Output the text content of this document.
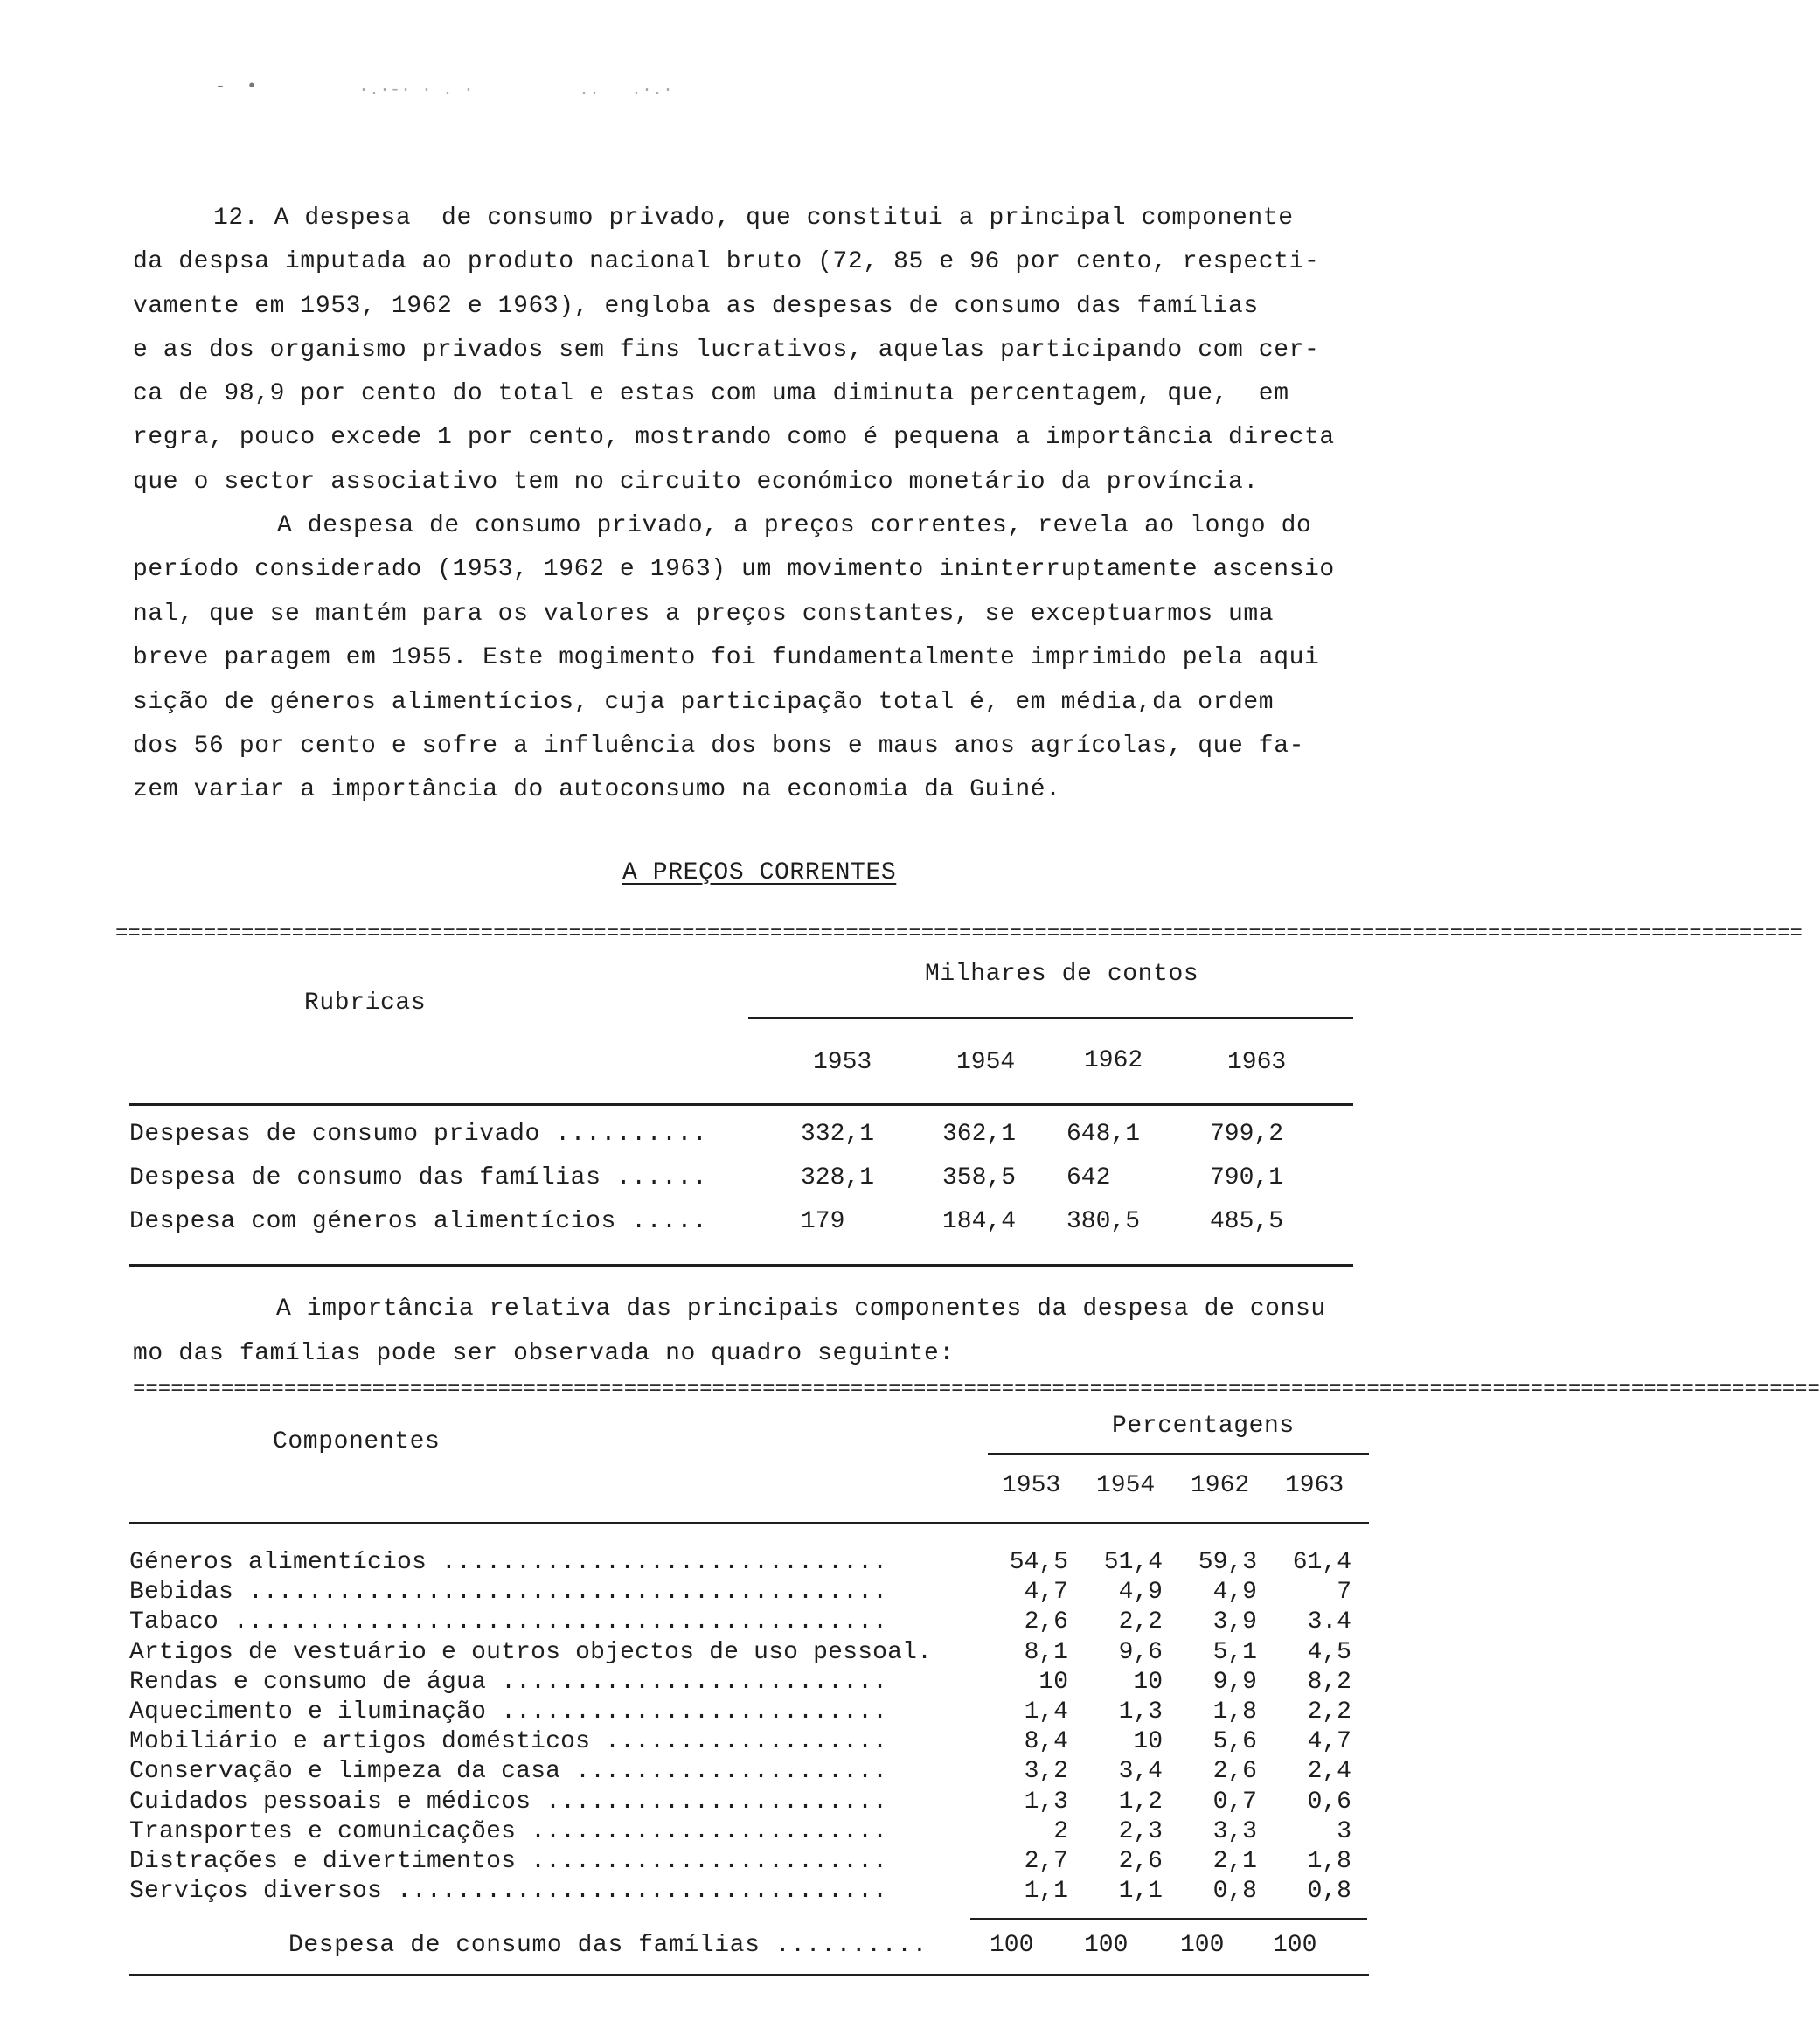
-  •	·.·-· · . ·          ..   .·.·
12. A despesa  de consumo privado, que constitui a principal componente
da despsa imputada ao produto nacional bruto (72, 85 e 96 por cento, respecti-
vamente em 1953, 1962 e 1963), engloba as despesas de consumo das famílias
e as dos organismo privados sem fins lucrativos, aquelas participando com cer-
ca de 98,9 por cento do total e estas com uma diminuta percentagem, que,  em
regra, pouco excede 1 por cento, mostrando como é pequena a importância directa
que o sector associativo tem no circuito económico monetário da província.
A despesa de consumo privado, a preços correntes, revela ao longo do
período considerado (1953, 1962 e 1963) um movimento ininterruptamente ascensio
nal, que se mantém para os valores a preços constantes, se exceptuarmos uma
breve paragem em 1955. Este mogimento foi fundamentalmente imprimido pela aqui
sição de géneros alimentícios, cuja participação total é, em média,da ordem
dos 56 por cento e sofre a influência dos bons e maus anos agrícolas, que fa-
zem variar a importância do autoconsumo na economia da Guiné.
A PREÇOS CORRENTES
======================================================================================================================================
Rubricas
Milhares de contos
1953	1954	1962	1963
Despesas de consumo privado ..........	332,1	362,1 648,1	799,2
Despesa de consumo das famílias ......	328,1	358,5 642	790,1
Despesa com géneros alimentícios .....	179	184,4 380,5	485,5
A importância relativa das principais componentes da despesa de consu
mo das famílias pode ser observada no quadro seguinte:
======================================================================================================================================
Componentes
Percentagens
1953 1954 1962 1963
Géneros alimentícios ..............................	54,5	51,4	59,3	61,4
Bebidas ...........................................	4,7	4,9	4,9	7
Tabaco ............................................	2,6	2,2	3,9	3.4
Artigos de vestuário e outros objectos de uso pessoal.	8,1	9,6	5,1	4,5
Rendas e consumo de água ..........................	10	10	9,9	8,2
Aquecimento e iluminação ..........................	1,4	1,3	1,8	2,2
Mobiliário e artigos domésticos ...................	8,4	10	5,6	4,7
Conservação e limpeza da casa .....................	3,2	3,4	2,6	2,4
Cuidados pessoais e médicos .......................	1,3	1,2	0,7	0,6
Transportes e comunicações ........................	2	2,3	3,3	3
Distrações e divertimentos ........................	2,7	2,6	2,1	1,8
Serviços diversos .................................	1,1	1,1	0,8	0,8
Despesa de consumo das famílias ..........	100 100 100 100
